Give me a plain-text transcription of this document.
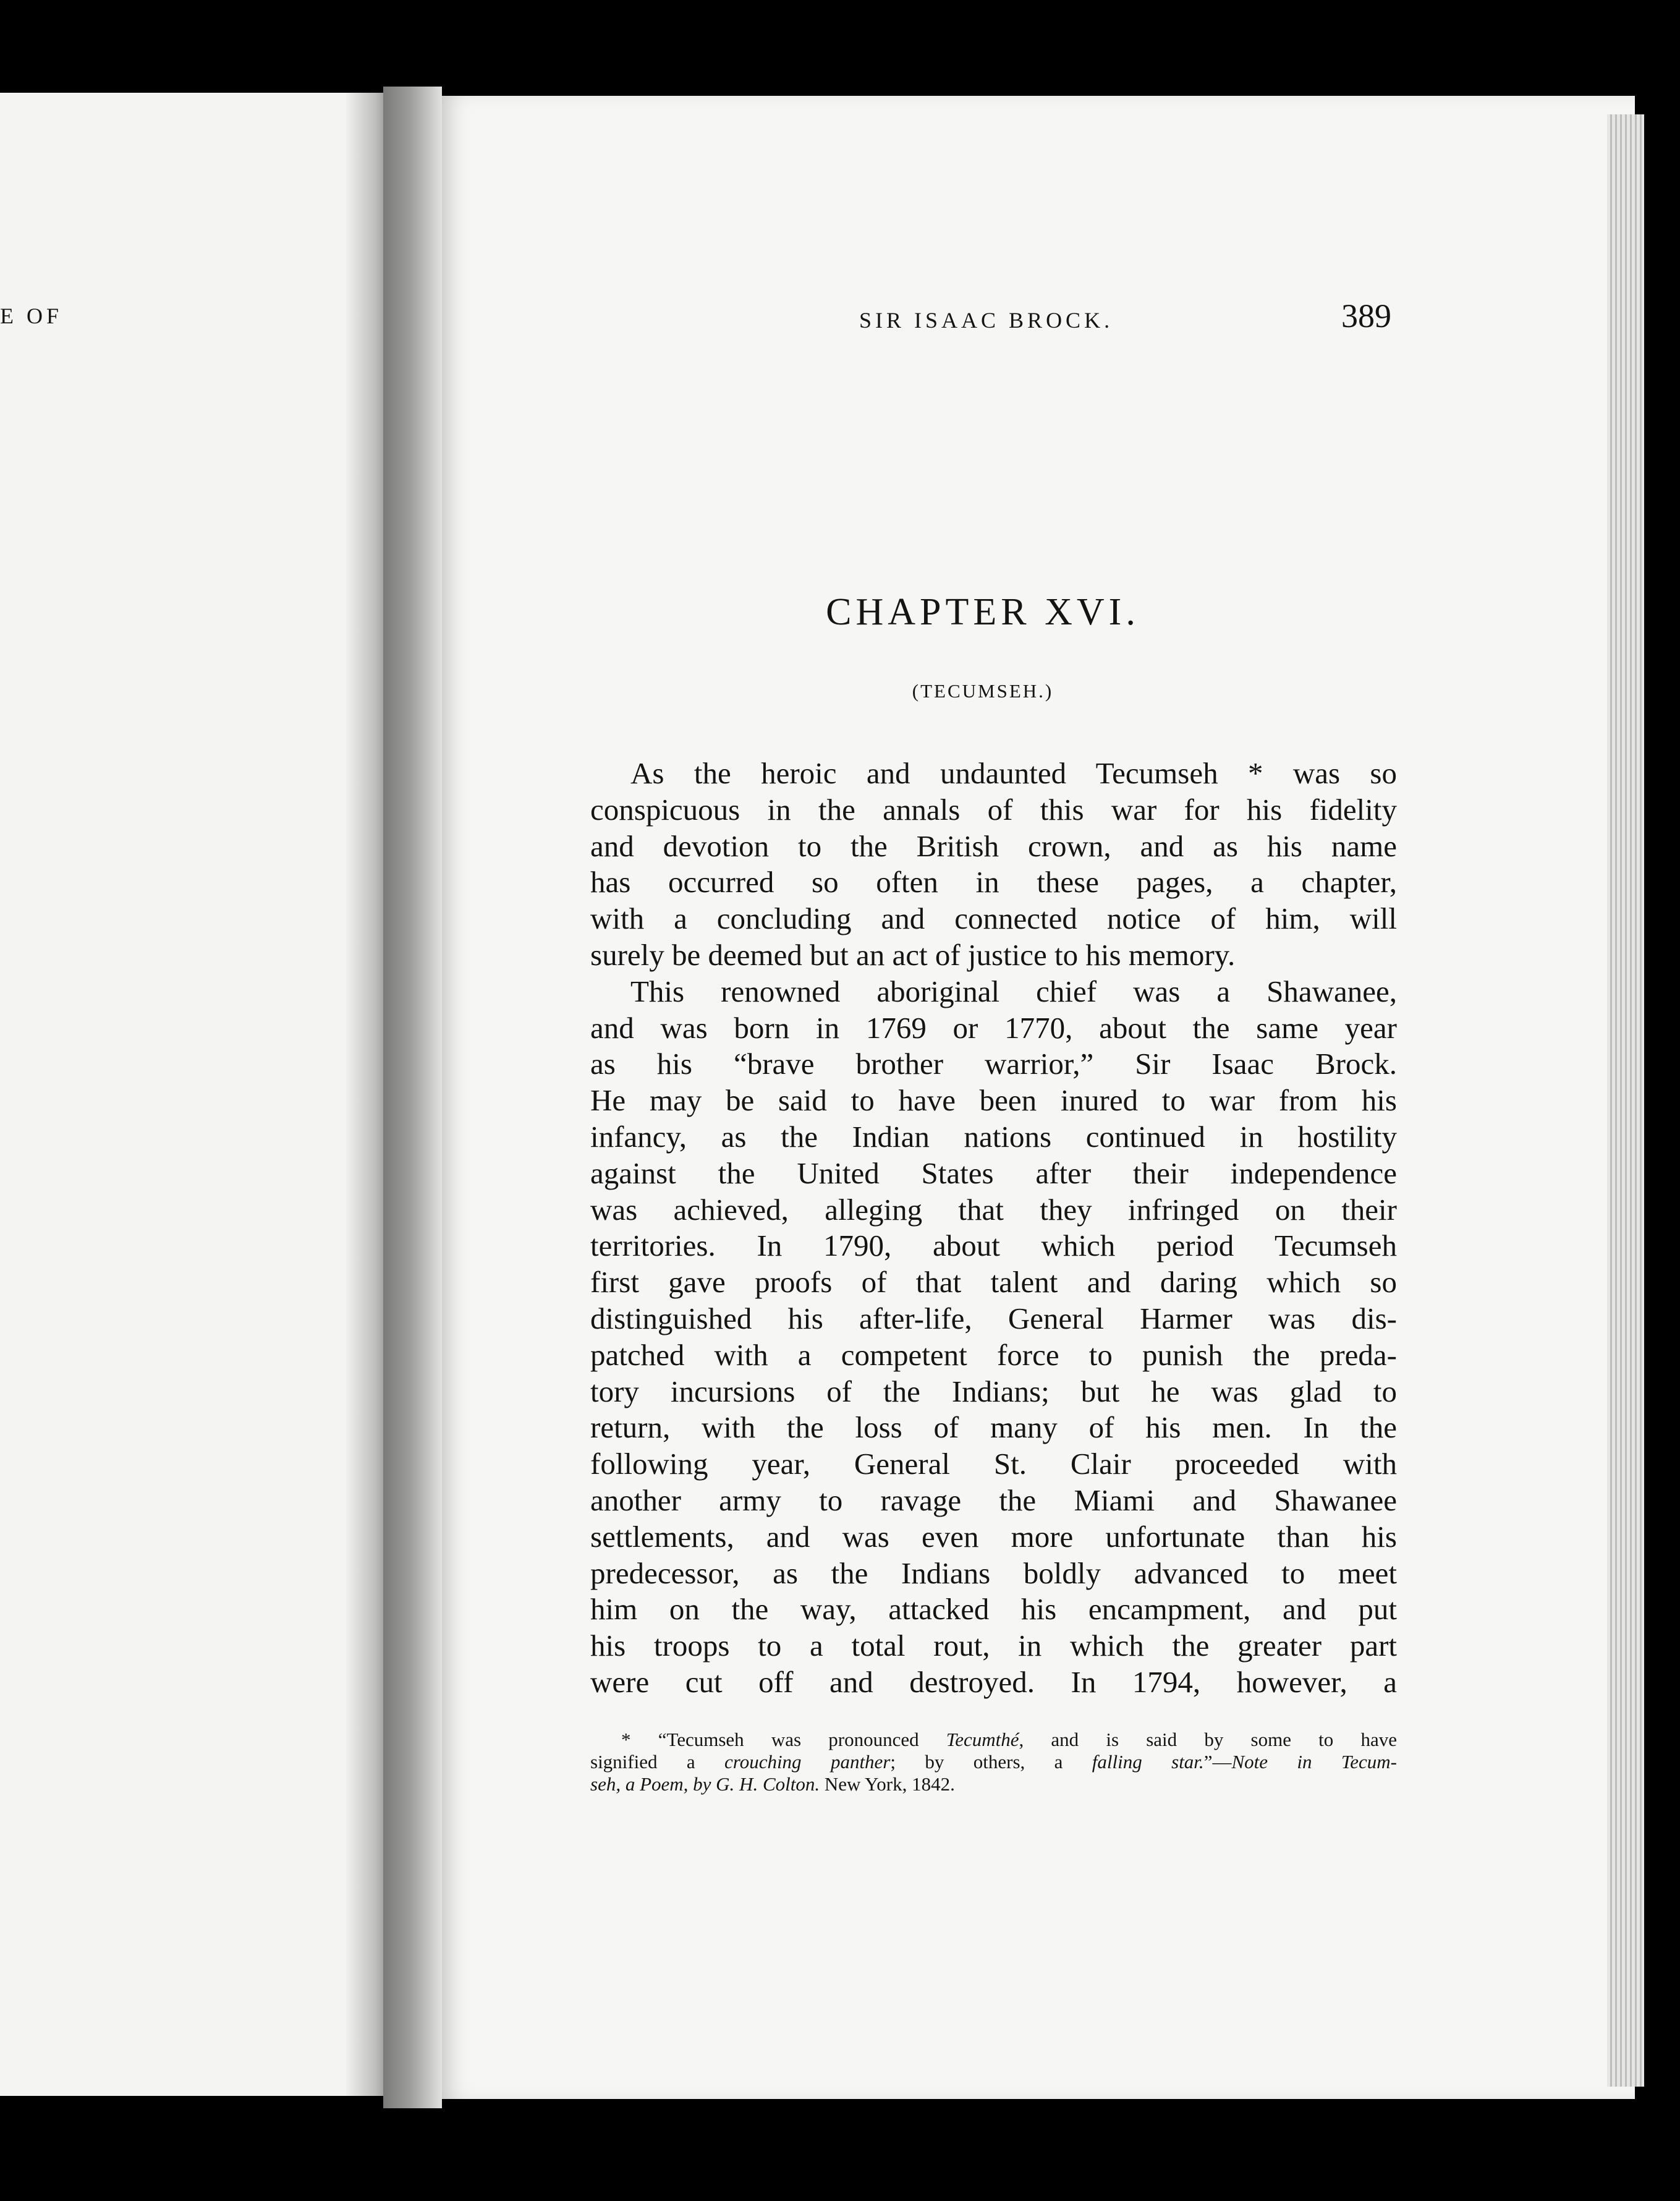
E OF	SIR ISAAC BROCK.	389
CHAPTER XVI.
(TECUMSEH.)
As the heroic and undaunted Tecumseh * was so
conspicuous in the annals of this war for his fidelity
and devotion to the British crown, and as his name
has occurred so often in these pages, a chapter,
with a concluding and connected notice of him, will
surely be deemed but an act of justice to his memory.
This renowned aboriginal chief was a Shawanee,
and was born in 1769 or 1770, about the same year
as his “brave brother warrior,” Sir Isaac Brock.
He may be said to have been inured to war from his
infancy, as the Indian nations continued in hostility
against the United States after their independence
was achieved, alleging that they infringed on their
territories. In 1790, about which period Tecumseh
first gave proofs of that talent and daring which so
distinguished his after-life, General Harmer was dis-
patched with a competent force to punish the preda-
tory incursions of the Indians; but he was glad to
return, with the loss of many of his men. In the
following year, General St. Clair proceeded with
another army to ravage the Miami and Shawanee
settlements, and was even more unfortunate than his
predecessor, as the Indians boldly advanced to meet
him on the way, attacked his encampment, and put
his troops to a total rout, in which the greater part
were cut off and destroyed. In 1794, however, a
* “Tecumseh was pronounced Tecumthé, and is said by some to have
signified a crouching panther; by others, a falling star.”—Note in Tecum-
seh, a Poem, by G. H. Colton. New York, 1842.
